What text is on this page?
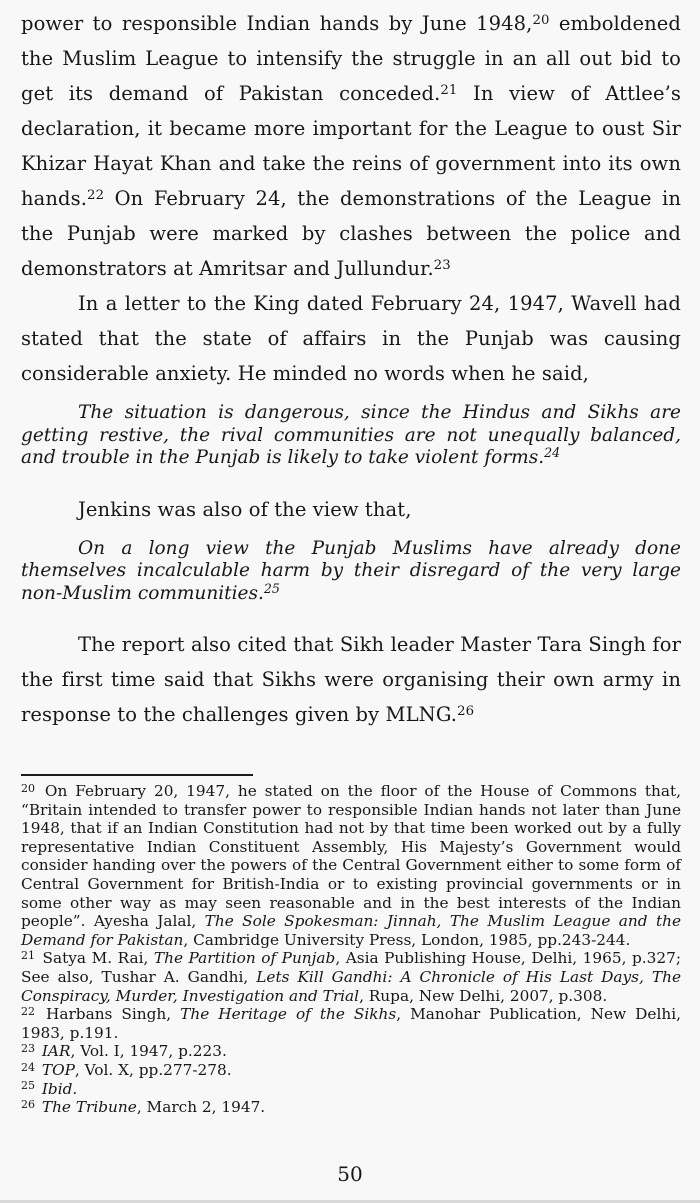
power to responsible Indian hands by June 1948,20 emboldened the Muslim League to intensify the struggle in an all out bid to get its demand of Pakistan conceded.$^{21}$ In view of Attlee’s declaration, it became more important for the League to oust Sir Khizar Hayat Khan and take the reins of government into its own hands.$^{22}$ On February 24, the demonstrations of the League in the Punjab were marked by clashes between the police and demonstrators at Amritsar and Jullundur.$^{23}$

In a letter to the King dated February 24, 1947, Wavell had stated that the state of affairs in the Punjab was causing considerable anxiety. He minded no words when he said,

The situation is dangerous, since the Hindus and Sikhs are getting restive, the rival communities are not unequally balanced, and trouble in the Punjab is likely to take violent forms.$^{24}$

Jenkins was also of the view that,

On a long view the Punjab Muslims have already done themselves incalculable harm by their disregard of the very large non-Muslim communities.$^{25}$

The report also cited that Sikh leader Master Tara Singh for the first time said that Sikhs were organising their own army in response to the challenges given by MLNG.$^{26}$

$^{20}$ On February 20, 1947, he stated on the floor of the House of Commons that, “Britain intended to transfer power to responsible Indian hands not later than June 1948, that if an Indian Constitution had not by that time been worked out by a fully representative Indian Constituent Assembly, His Majesty’s Government would consider handing over the powers of the Central Government either to some form of Central Government for British-India or to existing provincial governments or in some other way as may seen reasonable and in the best interests of the Indian people”. Ayesha Jalal, The Sole Spokesman: Jinnah, The Muslim League and the Demand for Pakistan, Cambridge University Press, London, 1985, pp.243-244.
$^{21}$ Satya M. Rai, The Partition of Punjab, Asia Publishing House, Delhi, 1965, p.327; See also, Tushar A. Gandhi, Lets Kill Gandhi: A Chronicle of His Last Days, The Conspiracy, Murder, Investigation and Trial, Rupa, New Delhi, 2007, p.308.
$^{22}$ Harbans Singh, The Heritage of the Sikhs, Manohar Publication, New Delhi, 1983, p.191.
$^{23}$ IAR, Vol. I, 1947, p.223.
$^{24}$ TOP, Vol. X, pp.277-278.
$^{25}$ Ibid.
$^{26}$ The Tribune, March 2, 1947.
50
